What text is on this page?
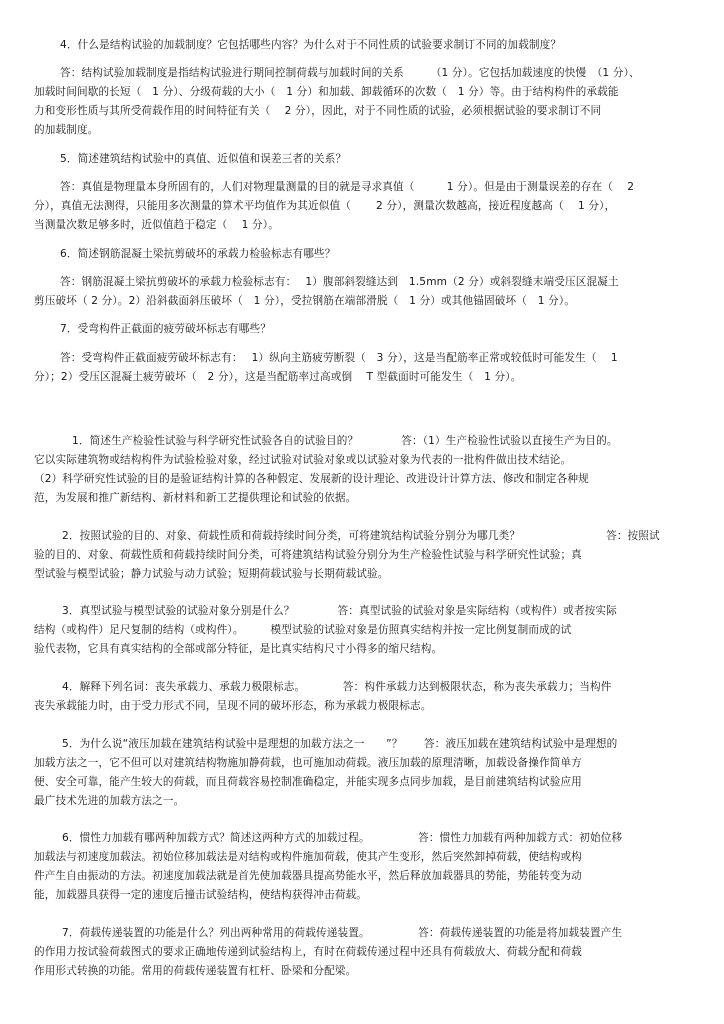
4．什么是结构试验的加载制度？它包括哪些内容？为什么对于不同性质的试验要求制订不同的加载制度？
答：结构试验加载制度是指结构试验进行期间控制荷载与加载时间的关系　　　（1 分）。它包括加载速度的快慢　（1 分）、
加载时间间歇的长短（　1 分）、分级荷载的大小（　1 分）和加载、卸载循环的次数（　1 分）等。由于结构构件的承载能
力和变形性质与其所受荷载作用的时间特征有关（　 2 分），因此，对于不同性质的试验，必须根据试验的要求制订不同
的加载制度。
5．简述建筑结构试验中的真值、近似值和误差三者的关系？
答：真值是物理量本身所固有的，人们对物理量测量的目的就是寻求真值（　　　1 分）。但是由于测量误差的存在（　 2
分），真值无法测得，只能用多次测量的算术平均值作为其近似值（　　 2 分），测量次数越高，接近程度越高（　 1 分），
当测量次数足够多时，近似值趋于稳定（　 1 分）。
6．简述钢筋混凝土梁抗剪破坏的承载力检验标志有哪些？
答：钢筋混凝土梁抗剪破坏的承载力检验标志有：　 1）腹部斜裂缝达到　1.5mm（2 分）或斜裂缝末端受压区混凝土
剪压破坏（ 2 分）。2）沿斜截面斜压破坏（　1 分），受拉钢筋在端部滑脱（　1 分）或其他锚固破坏（　1 分）。
7．受弯构件正截面的疲劳破坏标志有哪些？
答：受弯构件正截面疲劳破坏标志有：　 1）纵向主筋疲劳断裂（　3 分），这是当配筋率正常或较低时可能发生（　 1
分）；2）受压区混凝土疲劳破坏（　2 分），这是当配筋率过高或倒　 T 型截面时可能发生（　1 分）。
1．简述生产检验性试验与科学研究性试验各自的试验目的？　　　　答：（1）生产检验性试验以直接生产为目的。
它以实际建筑物或结构构件为试验检验对象，经过试验对试验对象或以试验对象为代表的一批构件做出技术结论。
（2）科学研究性试验的目的是验证结构计算的各种假定、发展新的设计理论、改进设计计算方法、修改和制定各种规
范，为发展和推广新结构、新材料和新工艺提供理论和试验的依据。
2．按照试验的目的、对象、荷载性质和荷载持续时间分类，可将建筑结构试验分别分为哪几类？　　　　　　　　答：按照试
验的目的、对象、荷载性质和荷载持续时间分类，可将建筑结构试验分别分为生产检验性试验与科学研究性试验；真
型试验与模型试验；静力试验与动力试验；短期荷载试验与长期荷载试验。
3．真型试验与模型试验的试验对象分别是什么？　　　　答：真型试验的试验对象是实际结构（或构件）或者按实际
结构（或构件）足尺复制的结构（或构件）。　　　模型试验的试验对象是仿照真实结构并按一定比例复制而成的试
验代表物，它具有真实结构的全部或部分特征，是比真实结构尺寸小得多的缩尺结构。
4．解释下列名词：丧失承载力、承载力极限标志。　　　　答：构件承载力达到极限状态，称为丧失承载力；当构件
丧失承载能力时，由于受力形式不同，呈现不同的破坏形态，称为承载力极限标志。
5．为什么说“液压加载在建筑结构试验中是理想的加载方法之一　　”？　　答：液压加载在建筑结构试验中是理想的
加载方法之一，它不但可以对建筑结构物施加静荷载，也可施加动荷载。液压加载的原理清晰，加载设备操作简单方
便、安全可靠，能产生较大的荷载，而且荷载容易控制准确稳定，并能实现多点同步加载，是目前建筑结构试验应用
最广技术先进的加载方法之一。
6．惯性力加载有哪两种加载方式？简述这两种方式的加载过程。　　　　　答：惯性力加载有两种加载方式：初始位移
加载法与初速度加载法。初始位移加载法是对结构或构件施加荷载，使其产生变形，然后突然卸掉荷载，使结构或构
件产生自由振动的方法。初速度加载法就是首先使加载器具提高势能水平，然后释放加载器具的势能，势能转变为动
能，加载器具获得一定的速度后撞击试验结构，使结构获得冲击荷载。
7．荷载传递装置的功能是什么？列出两种常用的荷载传递装置。　　　　　答：荷载传递装置的功能是将加载装置产生
的作用力按试验荷载图式的要求正确地传递到试验结构上，有时在荷载传递过程中还具有荷载放大、荷载分配和荷载
作用形式转换的功能。常用的荷载传递装置有杠杆、卧梁和分配梁。
